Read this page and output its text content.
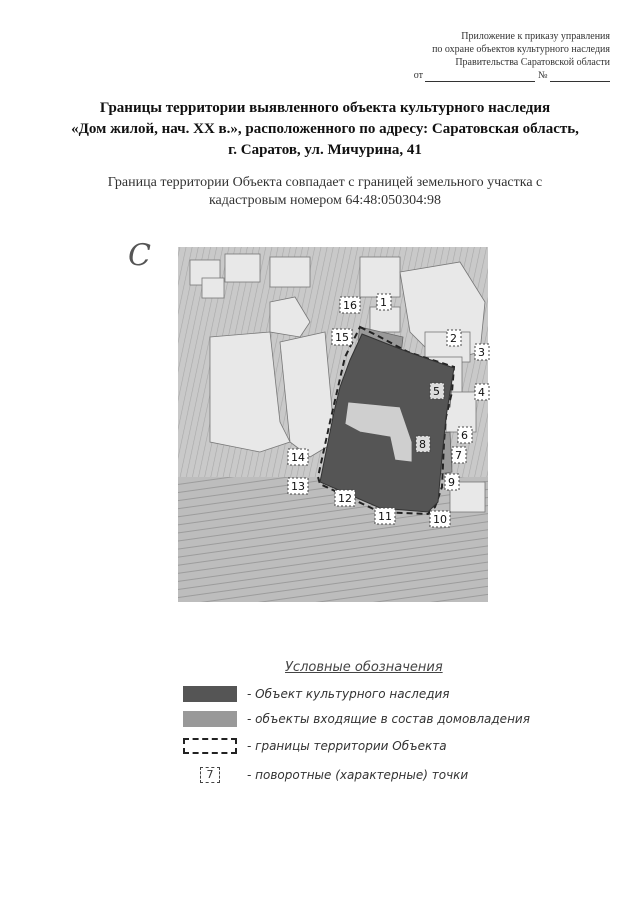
Приложение к приказу управления
по охране объектов культурного наследия
Правительства Саратовской области
от	№
Границы территории выявленного объекта культурного наследия
«Дом жилой, нач. XX в.», расположенного по адресу: Саратовская область,
г. Саратов, ул. Мичурина, 41
Граница территории Объекта совпадает с границей земельного участка с
кадастровым номером 64:48:050304:98
С
1
2
3
4
5
6
7
8
9
10
11
12
13
14
15
16
Условные обозначения
- Объект культурного наследия
- объекты входящие в состав домовладения
- границы территории Объекта
7	- поворотные (характерные) точки
